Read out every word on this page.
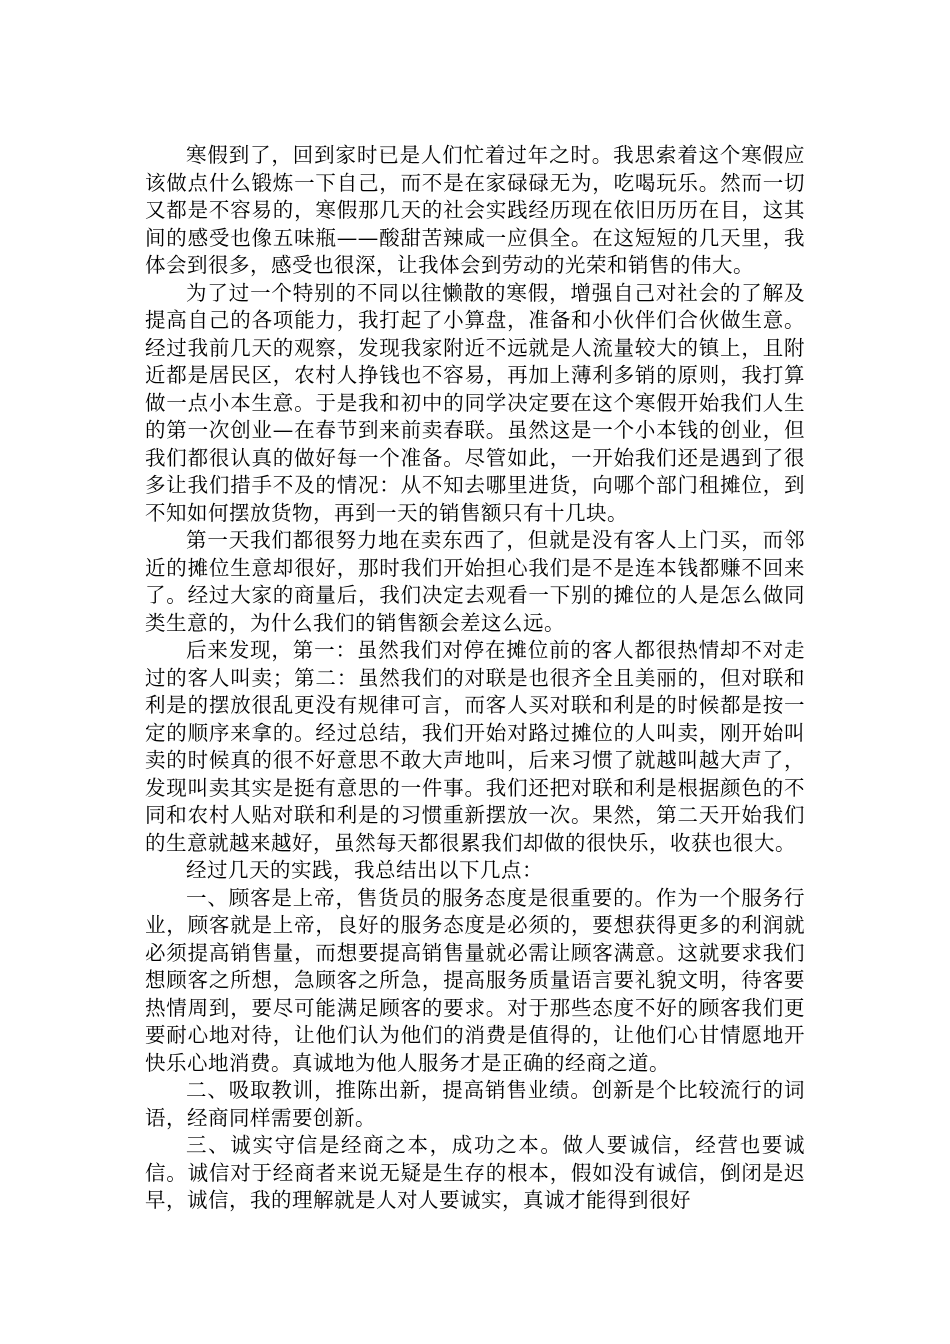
寒假到了，回到家时已是人们忙着过年之时。我思索着这个寒假应该做点什么锻炼一下自己，而不是在家碌碌无为，吃喝玩乐。然而一切又都是不容易的，寒假那几天的社会实践经历现在依旧历历在目，这其间的感受也像五味瓶——酸甜苦辣咸一应俱全。在这短短的几天里，我体会到很多，感受也很深，让我体会到劳动的光荣和销售的伟大。

为了过一个特别的不同以往懒散的寒假，增强自己对社会的了解及提高自己的各项能力，我打起了小算盘，准备和小伙伴们合伙做生意。经过我前几天的观察，发现我家附近不远就是人流量较大的镇上，且附近都是居民区，农村人挣钱也不容易，再加上薄利多销的原则，我打算做一点小本生意。于是我和初中的同学决定要在这个寒假开始我们人生的第一次创业—在春节到来前卖春联。虽然这是一个小本钱的创业，但我们都很认真的做好每一个准备。尽管如此，一开始我们还是遇到了很多让我们措手不及的情况：从不知去哪里进货，向哪个部门租摊位，到不知如何摆放货物，再到一天的销售额只有十几块。

第一天我们都很努力地在卖东西了，但就是没有客人上门买，而邻近的摊位生意却很好，那时我们开始担心我们是不是连本钱都赚不回来了。经过大家的商量后，我们决定去观看一下别的摊位的人是怎么做同类生意的，为什么我们的销售额会差这么远。

后来发现，第一：虽然我们对停在摊位前的客人都很热情却不对走过的客人叫卖；第二：虽然我们的对联是也很齐全且美丽的，但对联和利是的摆放很乱更没有规律可言，而客人买对联和利是的时候都是按一定的顺序来拿的。经过总结，我们开始对路过摊位的人叫卖，刚开始叫卖的时候真的很不好意思不敢大声地叫，后来习惯了就越叫越大声了，发现叫卖其实是挺有意思的一件事。我们还把对联和利是根据颜色的不同和农村人贴对联和利是的习惯重新摆放一次。果然，第二天开始我们的生意就越来越好，虽然每天都很累我们却做的很快乐，收获也很大。

经过几天的实践，我总结出以下几点：

一、顾客是上帝，售货员的服务态度是很重要的。作为一个服务行业，顾客就是上帝，良好的服务态度是必须的，要想获得更多的利润就必须提高销售量，而想要提高销售量就必需让顾客满意。这就要求我们想顾客之所想，急顾客之所急，提高服务质量语言要礼貌文明，待客要热情周到，要尽可能满足顾客的要求。对于那些态度不好的顾客我们更要耐心地对待，让他们认为他们的消费是值得的，让他们心甘情愿地开快乐心地消费。真诚地为他人服务才是正确的经商之道。

二、吸取教训，推陈出新，提高销售业绩。创新是个比较流行的词语，经商同样需要创新。

三、诚实守信是经商之本，成功之本。做人要诚信，经营也要诚信。诚信对于经商者来说无疑是生存的根本，假如没有诚信，倒闭是迟早，诚信，我的理解就是人对人要诚实，真诚才能得到很好
